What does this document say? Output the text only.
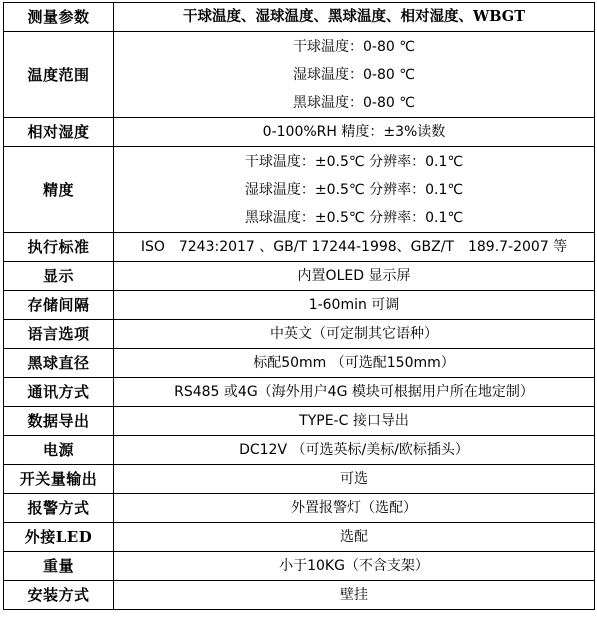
测量参数	干球温度、湿球温度、黑球温度、相对湿度、WBGT
温度范围	干球温度：0-80 ℃
湿球温度：0-80 ℃
黑球温度：0-80 ℃

相对湿度	0-100%RH 精度：±3%读数
精度	干球温度：±0.5℃ 分辨率：0.1℃
湿球温度：±0.5℃ 分辨率：0.1℃
黑球温度：±0.5℃ 分辨率：0.1℃

执行标准	ISO　7243:2017 、GB/T 17244-1998、GBZ/T　189.7-2007 等
显示	内置OLED 显示屏
存储间隔	1-60min 可调
语言选项	中英文（可定制其它语种）
黑球直径	标配50mm （可选配150mm）
通讯方式	RS485 或4G（海外用户4G 模块可根据用户所在地定制）
数据导出	TYPE-C 接口导出
电源	DC12V （可选英标/美标/欧标插头）
开关量输出	可选
报警方式	外置报警灯（选配）
外接LED	选配
重量	小于10KG（不含支架）
安装方式	壁挂
